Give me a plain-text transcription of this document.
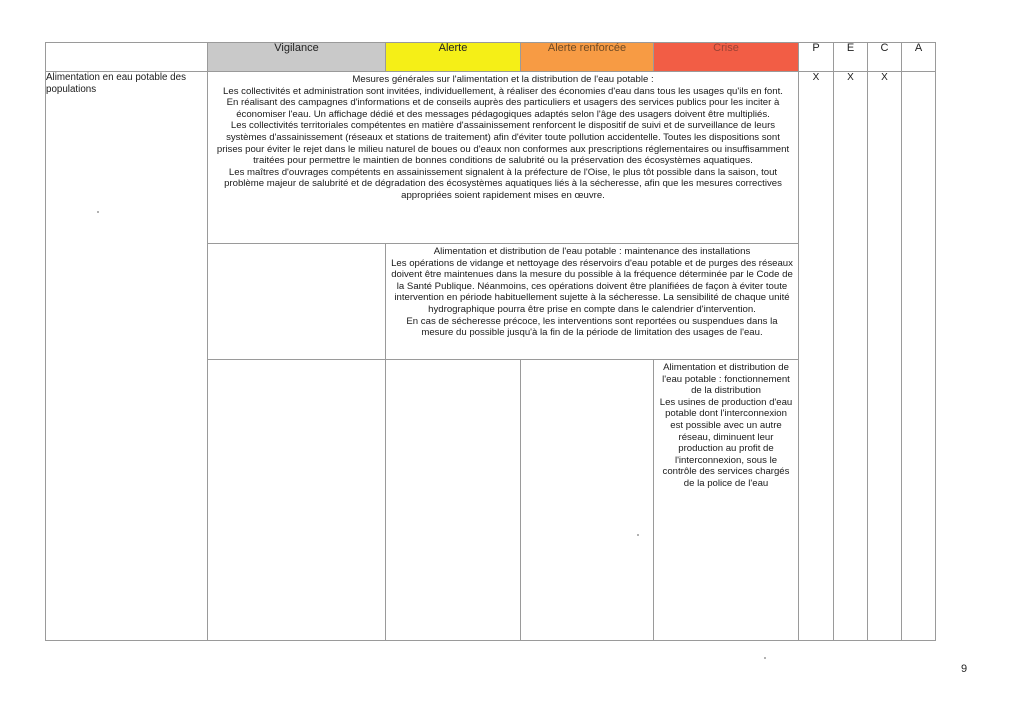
	Vigilance	Alerte	Alerte renforcée	Crise	P	E	C	A
Alimentation en eau potable des populations	Mesures générales sur l'alimentation et la distribution de l'eau potable :

Les collectivités et administration sont invitées, individuellement, à réaliser des économies d'eau dans tous les usages qu'ils en font.

En réalisant des campagnes d'informations et de conseils auprès des particuliers et usagers des services publics pour les inciter à économiser l'eau. Un affichage dédié et des messages pédagogiques adaptés selon l'âge des usagers doivent être multipliés.

Les collectivités territoriales compétentes en matière d'assainissement renforcent le dispositif de suivi et de surveillance de leurs systèmes d'assainissement (réseaux et stations de traitement) afin d'éviter toute pollution accidentelle. Toutes les dispositions sont prises pour éviter le rejet dans le milieu naturel de boues ou d'eaux non conformes aux prescriptions réglementaires ou insuffisamment traitées pour permettre le maintien de bonnes conditions de salubrité ou la préservation des écosystèmes aquatiques.

Les maîtres d'ouvrages compétents en assainissement signalent à la préfecture de l'Oise, le plus tôt possible dans la saison, tout problème majeur de salubrité et de dégradation des écosystèmes aquatiques liés à la sécheresse, afin que les mesures correctives appropriées soient rapidement mises en œuvre.				X	X	X	

		Alimentation et distribution de l'eau potable : maintenance des installations

Les opérations de vidange et nettoyage des réservoirs d'eau potable et de purges des réseaux doivent être maintenues dans la mesure du possible à la fréquence déterminée par le Code de la Santé Publique. Néanmoins, ces opérations doivent être planifiées de façon à éviter toute intervention en période habituellement sujette à la sécheresse. La sensibilité de chaque unité hydrographique pourra être prise en compte dans le calendrier d'intervention.

En cas de sécheresse précoce, les interventions sont reportées ou suspendues dans la mesure du possible jusqu'à la fin de la période de limitation des usages de l'eau.						

				Alimentation et distribution de l'eau potable : fonctionnement de la distribution

Les usines de production d'eau potable dont l'interconnexion est possible avec un autre réseau, diminuent leur production au profit de l'interconnexion, sous le contrôle des services chargés de la police de l'eau				

9
